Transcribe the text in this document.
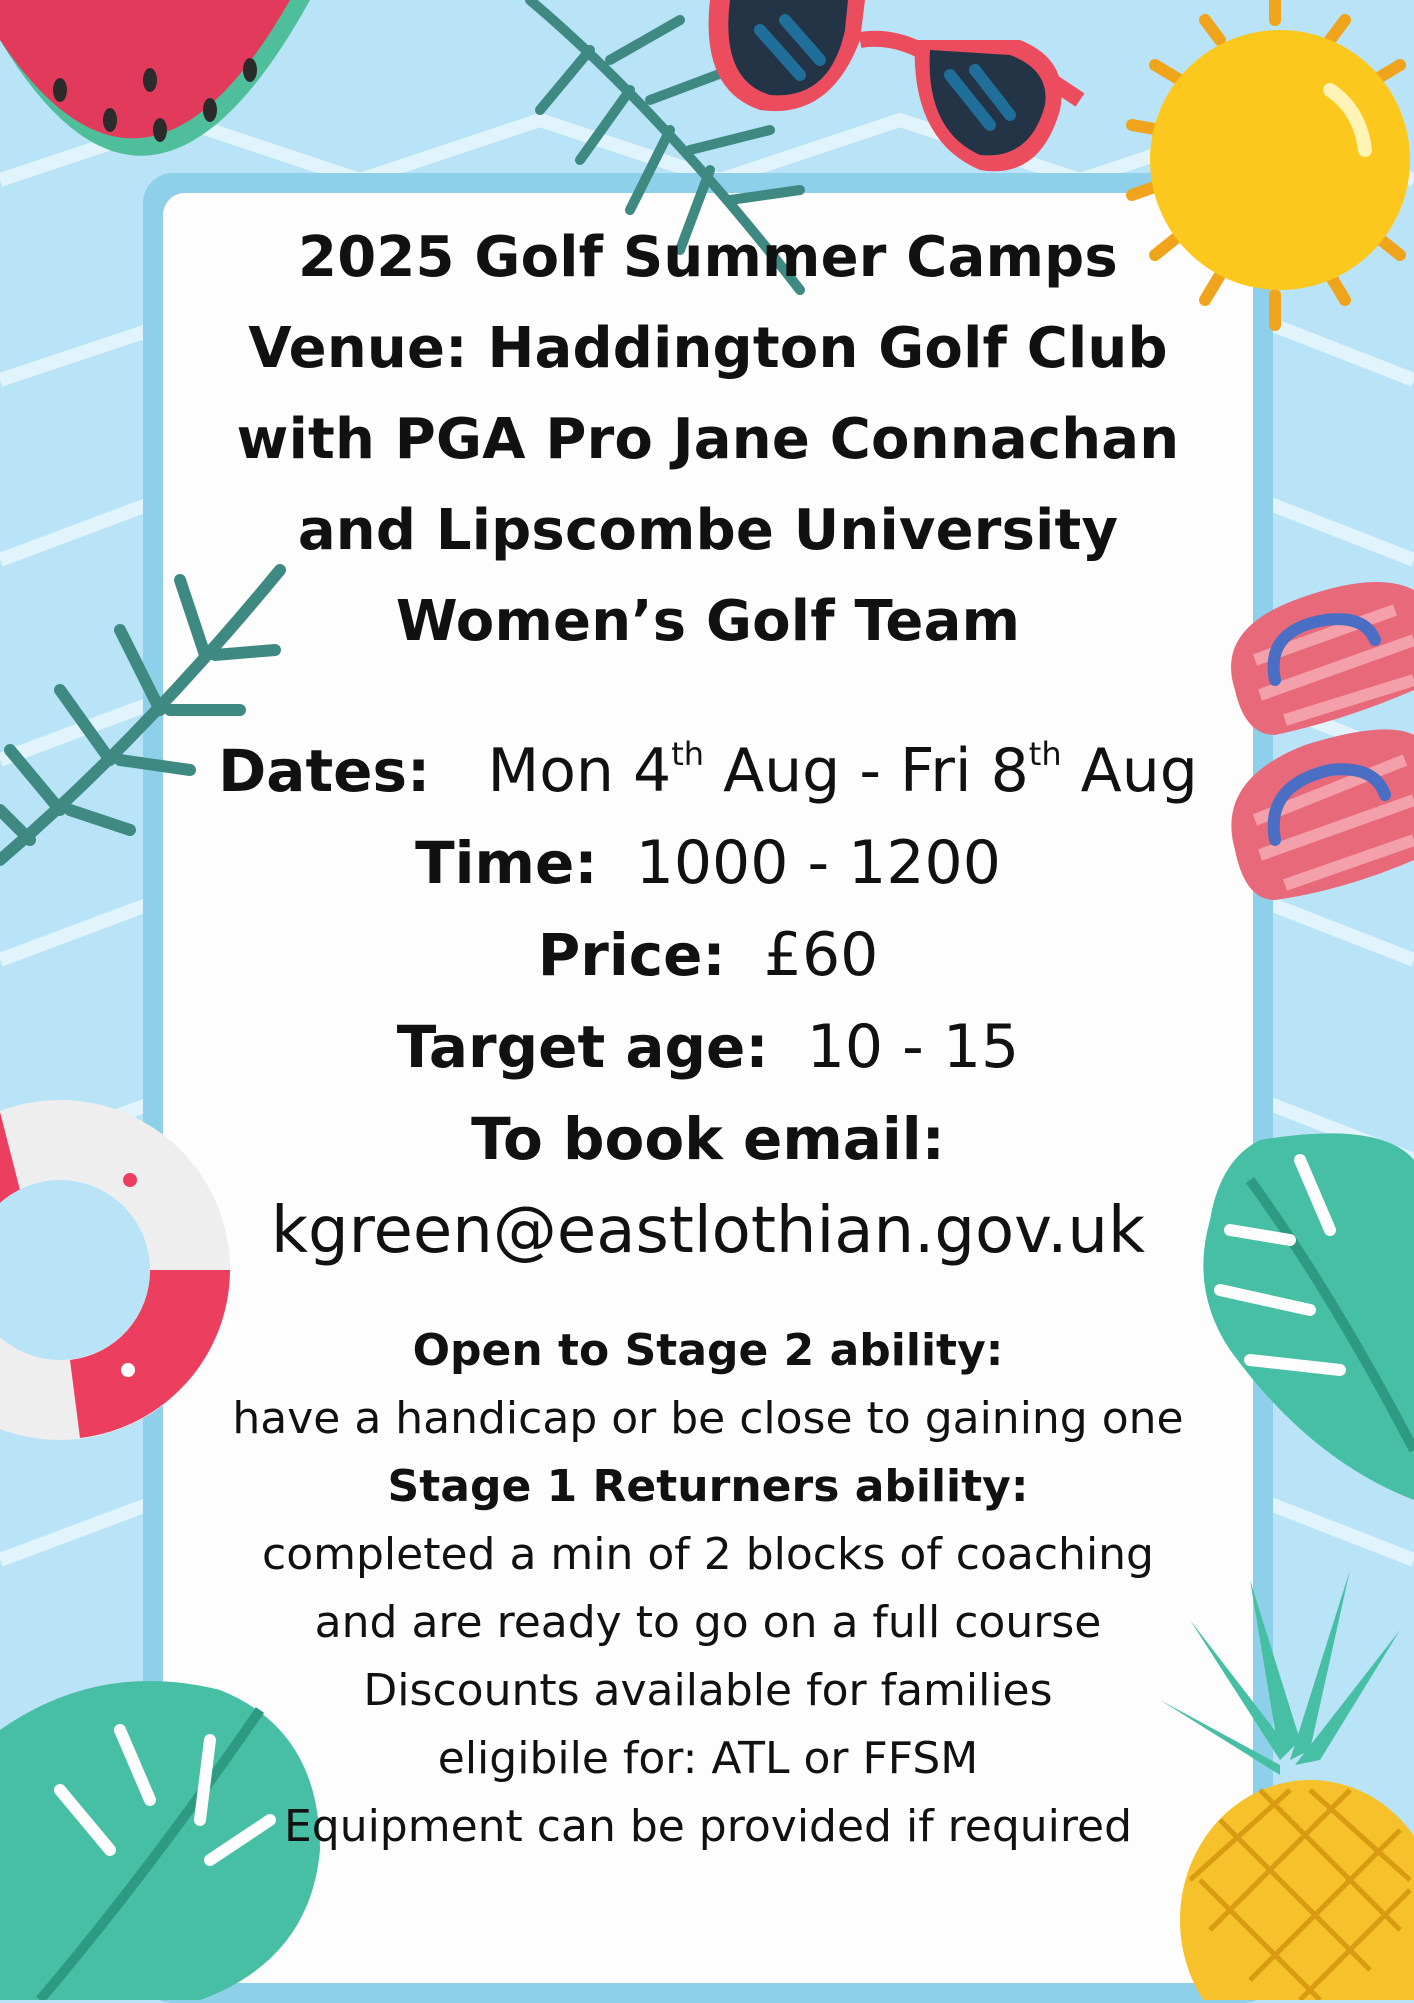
2025 Golf Summer Camps

Venue: Haddington Golf Club

with PGA Pro Jane Connachan

and Lipscombe University

Women’s Golf Team

Dates: Mon 4th Aug - Fri 8th Aug

Time: 1000 - 1200

Price: £60

Target age: 10 - 15

To book email:

kgreen@eastlothian.gov.uk

Open to Stage 2 ability:

have a handicap or be close to gaining one

Stage 1 Returners ability:

completed a min of 2 blocks of coaching

and are ready to go on a full course

Discounts available for families

eligibile for: ATL or FFSM

Equipment can be provided if required
